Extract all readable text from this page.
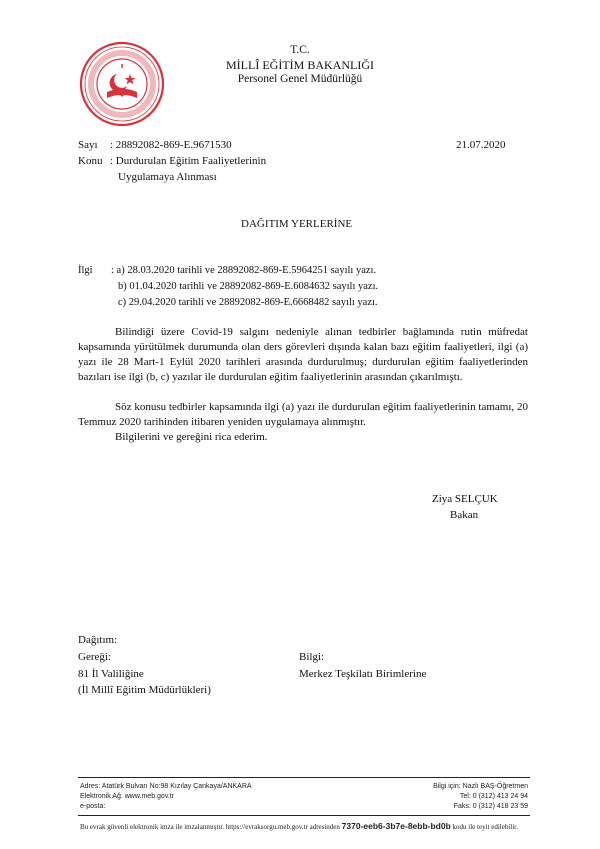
T.C.
MİLLÎ EĞİTİM BAKANLIĞI
Personel Genel Müdürlüğü
Sayı : 28892082-869-E.9671530	21.07.2020
Konu : Durdurulan Eğitim Faaliyetlerinin
Uygulamaya Alınması
DAĞITIM YERLERİNE
İlgi : a) 28.03.2020 tarihli ve 28892082-869-E.5964251 sayılı yazı.
b) 01.04.2020 tarihli ve 28892082-869-E.6084632 sayılı yazı.
c) 29.04.2020 tarihli ve 28892082-869-E.6668482 sayılı yazı.
Bilindiği üzere Covid-19 salgını nedeniyle alınan tedbirler bağlamında rutin müfredat kapsamında yürütülmek durumunda olan ders görevleri dışında kalan bazı eğitim faaliyetleri, ilgi (a) yazı ile 28 Mart-1 Eylül 2020 tarihleri arasında durdurulmuş; durdurulan eğitim faaliyetlerinden bazıları ise ilgi (b, c) yazılar ile durdurulan eğitim faaliyetlerinin arasından çıkarılmıştı.
Söz konusu tedbirler kapsamında ilgi (a) yazı ile durdurulan eğitim faaliyetlerinin tamamı, 20 Temmuz 2020 tarihinden itibaren yeniden uygulamaya alınmıştır.
Bilgilerini ve gereğini rica ederim.
Ziya SELÇUK
Bakan
Dağıtım:
Gereği:
81 İl Valiliğine
(İl Millî Eğitim Müdürlükleri)
Bilgi:
Merkez Teşkilatı Birimlerine
Adres: Atatürk Bulvarı No:98 Kızılay Çankaya/ANKARA
Elektronik Ağ: www.meb.gov.tr
e-posta:
Bilgi için: Nazlı BAŞ-Öğretmen
Tel: 0 (312) 413 24 94
Faks: 0 (312) 418 23 59
Bu evrak güvenli elektronik imza ile imzalanmıştır. https://evraksorgu.meb.gov.tr adresinden 7370-eeb6-3b7e-8ebb-bd0b kodu ile teyit edilebilir.
